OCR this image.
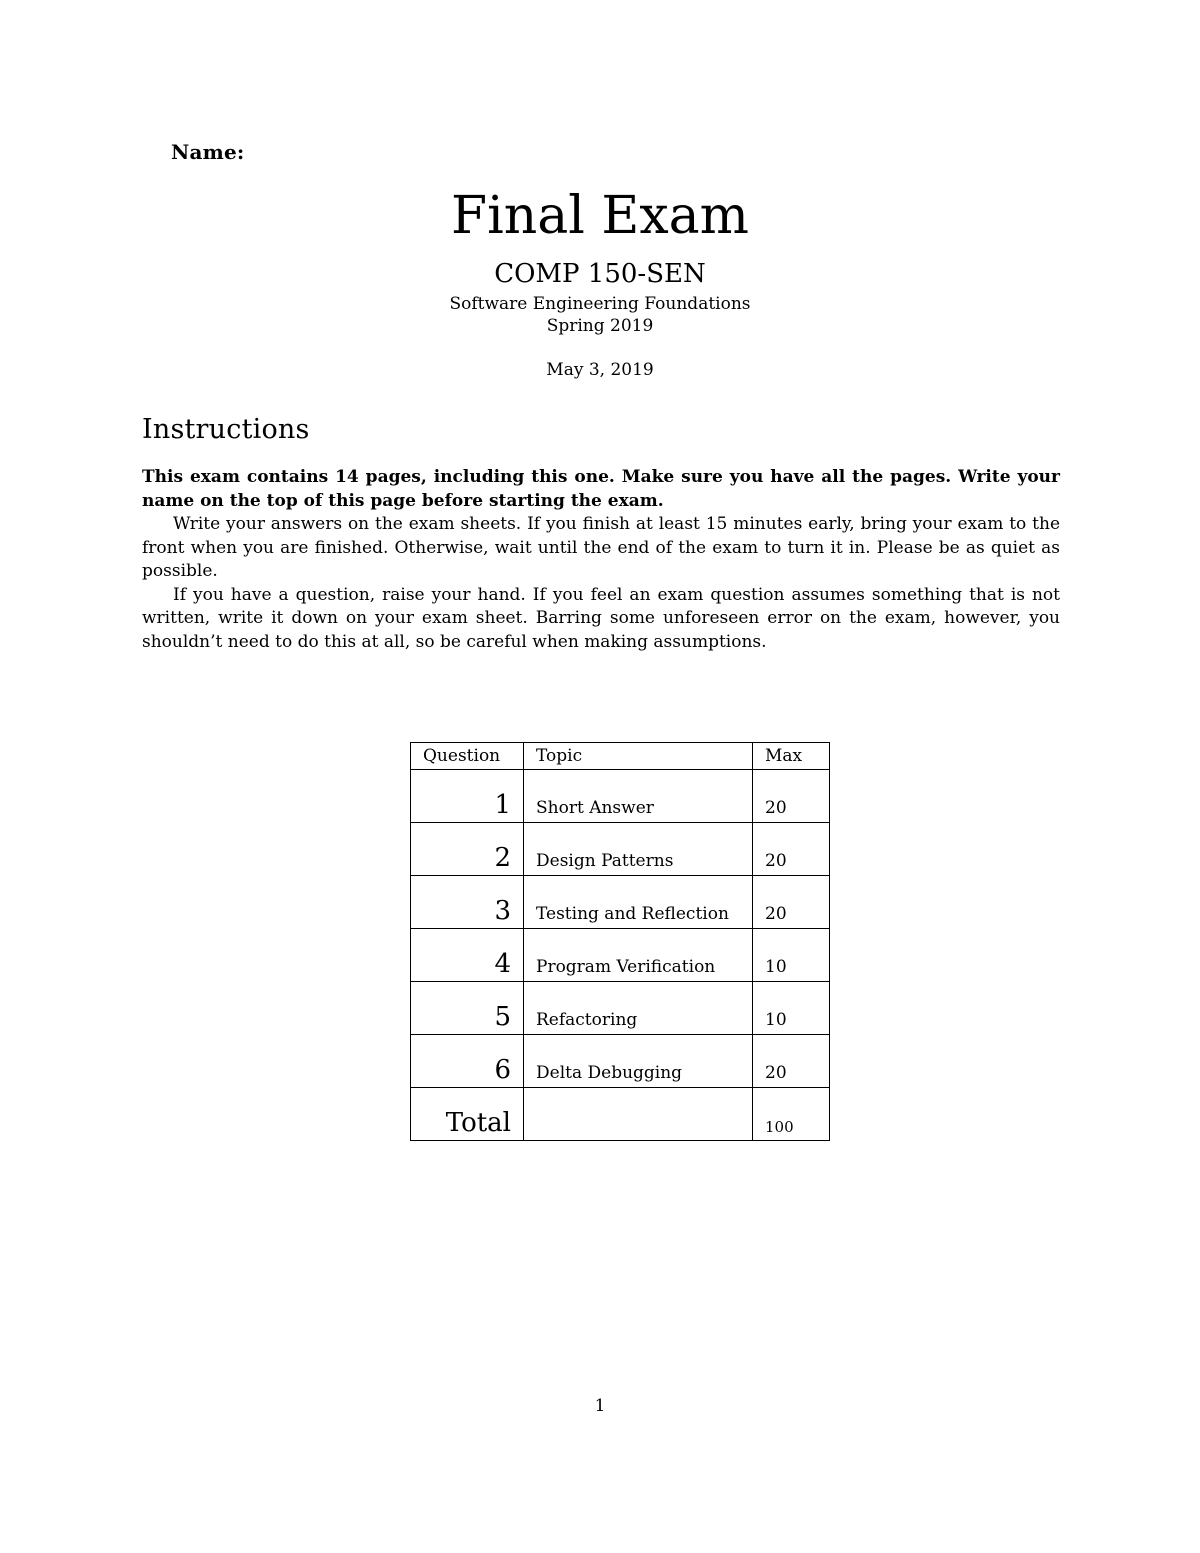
Name:
Final Exam
COMP 150-SEN
Software Engineering Foundations
Spring 2019
May 3, 2019
Instructions

This exam contains 14 pages, including this one. Make sure you have all the pages. Write your name on the top of this page before starting the exam.

Write your answers on the exam sheets. If you finish at least 15 minutes early, bring your exam to the front when you are finished. Otherwise, wait until the end of the exam to turn it in. Please be as quiet as possible.

If you have a question, raise your hand. If you feel an exam question assumes something that is not written, write it down on your exam sheet. Barring some unforeseen error on the exam, however, you shouldn’t need to do this at all, so be careful when making assumptions.

Question	Topic	Max
1	Short Answer	20
2	Design Patterns	20
3	Testing and Reflection	20
4	Program Verification	10
5	Refactoring	10
6	Delta Debugging	20
Total		100
1
